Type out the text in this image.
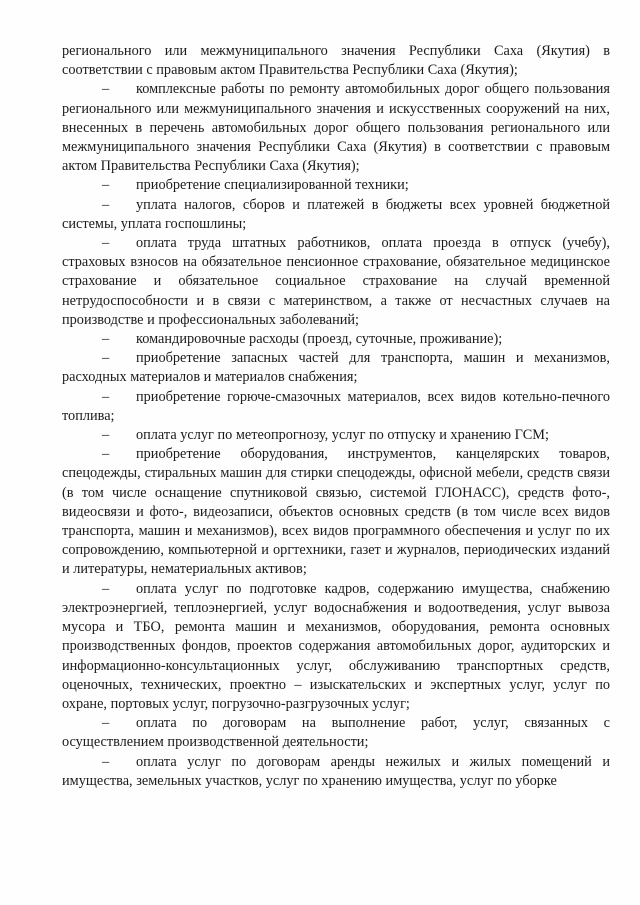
регионального или межмуниципального значения Республики Саха (Якутия) в соответствии с правовым актом Правительства Республики Саха (Якутия);

– комплексные работы по ремонту автомобильных дорог общего пользования регионального или межмуниципального значения и искусственных сооружений на них, внесенных в перечень автомобильных дорог общего пользования регионального или межмуниципального значения Республики Саха (Якутия) в соответствии с правовым актом Правительства Республики Саха (Якутия);

– приобретение специализированной техники;

– уплата налогов, сборов и платежей в бюджеты всех уровней бюджетной системы, уплата госпошлины;

– оплата труда штатных работников, оплата проезда в отпуск (учебу), страховых взносов на обязательное пенсионное страхование, обязательное медицинское страхование и обязательное социальное страхование на случай временной нетрудоспособности и в связи с материнством, а также от несчастных случаев на производстве и профессиональных заболеваний;

– командировочные расходы (проезд, суточные, проживание);

– приобретение запасных частей для транспорта, машин и механизмов, расходных материалов и материалов снабжения;

– приобретение горюче-смазочных материалов, всех видов котельно-печного топлива;

– оплата услуг по метеопрогнозу, услуг по отпуску и хранению ГСМ;

– приобретение оборудования, инструментов, канцелярских товаров, спецодежды, стиральных машин для стирки спецодежды, офисной мебели, средств связи (в том числе оснащение спутниковой связью, системой ГЛОНАСС), средств фото-, видеосвязи и фото-, видеозаписи, объектов основных средств (в том числе всех видов транспорта, машин и механизмов), всех видов программного обеспечения и услуг по их сопровождению, компьютерной и оргтехники, газет и журналов, периодических изданий и литературы, нематериальных активов;

– оплата услуг по подготовке кадров, содержанию имущества, снабжению электроэнергией, теплоэнергией, услуг водоснабжения и водоотведения, услуг вывоза мусора и ТБО, ремонта машин и механизмов, оборудования, ремонта основных производственных фондов, проектов содержания автомобильных дорог, аудиторских и информационно-консультационных услуг, обслуживанию транспортных средств, оценочных, технических, проектно – изыскательских и экспертных услуг, услуг по охране, портовых услуг, погрузочно-разгрузочных услуг;

– оплата по договорам на выполнение работ, услуг, связанных с осуществлением производственной деятельности;

– оплата услуг по договорам аренды нежилых и жилых помещений и имущества, земельных участков, услуг по хранению имущества, услуг по уборке
